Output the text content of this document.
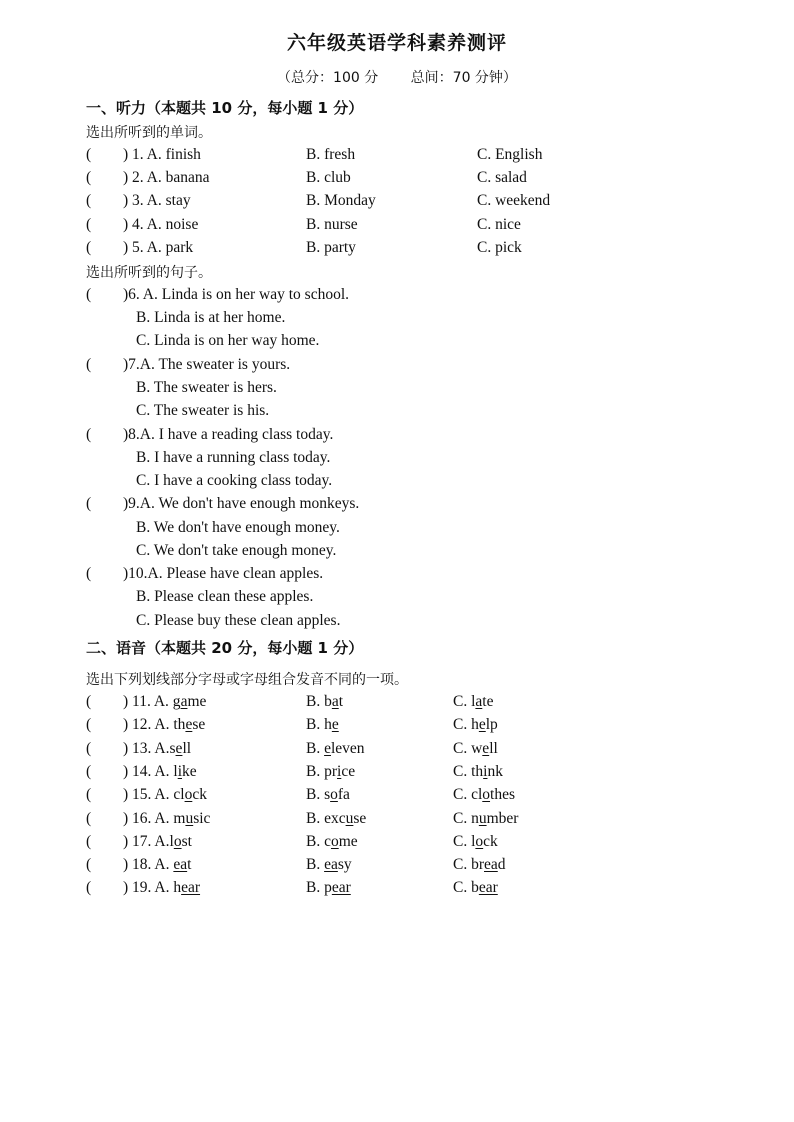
六年级英语学科素养测评
（总分：100 分 总间：70 分钟）
一、听力（本题共 10 分，每小题 1 分）
选出所听到的单词。
( ) 1. A. finish	B. fresh	C. English
( ) 2. A. banana	B. club	C. salad
( ) 3. A. stay	B. Monday	C. weekend
( ) 4. A. noise	B. nurse	C. nice
( ) 5. A. park	B. party	C. pick
选出所听到的句子。
( )6. A. Linda is on her way to school.
B. Linda is at her home.
C. Linda is on her way home.
( )7.A. The sweater is yours.
B. The sweater is hers.
C. The sweater is his.
( )8.A. I have a reading class today.
B. I have a running class today.
C. I have a cooking class today.
( )9.A. We don't have enough monkeys.
B. We don't have enough money.
C. We don't take enough money.
( )10.A. Please have clean apples.
B. Please clean these apples.
C. Please buy these clean apples.
二、语音（本题共 20 分，每小题 1 分）
选出下列划线部分字母或字母组合发音不同的一项。
( ) 11. A. game	B. bat	C. late
( ) 12. A. these	B. he	C. help
( ) 13. A.sell	B. eleven	C. well
( ) 14. A. like	B. price	C. think
( ) 15. A. clock	B. sofa	C. clothes
( ) 16. A. music	B. excuse	C. number
( ) 17. A.lost	B. come	C. lock
( ) 18. A. eat	B. easy	C. bread
( ) 19. A. hear	B. pear	C. bear
